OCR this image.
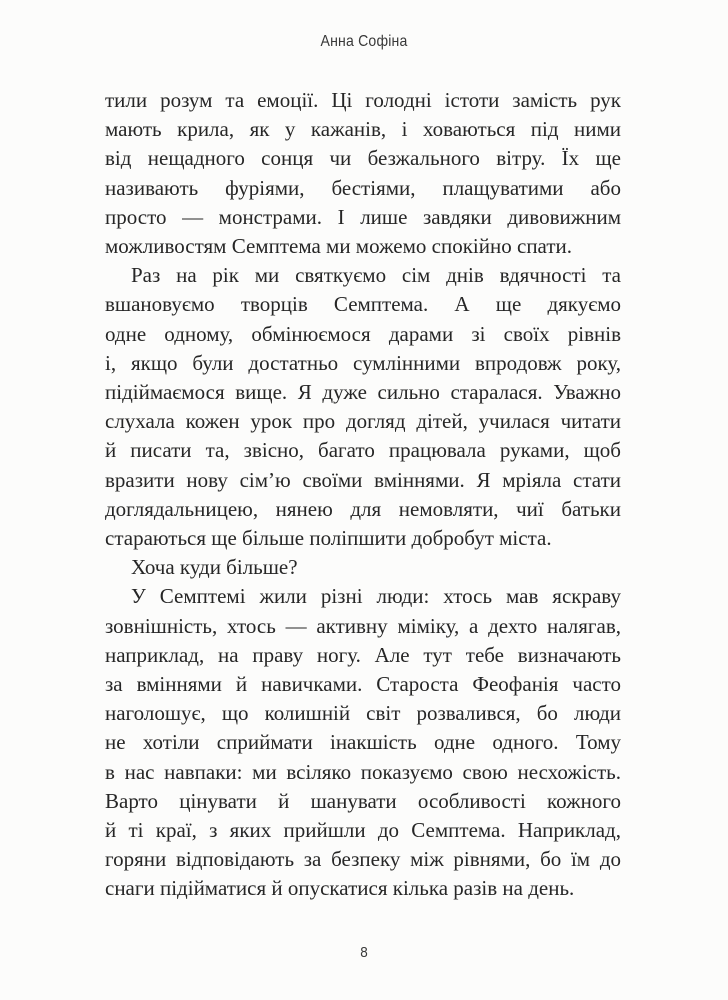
Анна Софіна
тили розум та емоції. Ці голодні істоти замість рук
мають крила, як у кажанів, і ховаються під ними
від нещадного сонця чи безжального вітру. Їх ще
називають фуріями, бестіями, плащуватими або
просто — монстрами. І лише завдяки дивовижним
можливостям Семптема ми можемо спокійно спати.
Раз на рік ми святкуємо сім днів вдячності та
вшановуємо творців Семптема. А ще дякуємо
одне одному, обмінюємося дарами зі своїх рівнів
і, якщо були достатньо сумлінними впродовж року,
підіймаємося вище. Я дуже сильно старалася. Уважно
слухала кожен урок про догляд дітей, училася читати
й писати та, звісно, багато працювала руками, щоб
вразити нову сім’ю своїми вміннями. Я мріяла стати
доглядальницею, нянею для немовляти, чиї батьки
стараються ще більше поліпшити добробут міста.
Хоча куди більше?
У Семптемі жили різні люди: хтось мав яскраву
зовнішність, хтось — активну міміку, а дехто налягав,
наприклад, на праву ногу. Але тут тебе визначають
за вміннями й навичками. Староста Феофанія часто
наголошує, що колишній світ розвалився, бо люди
не хотіли сприймати інакшість одне одного. Тому
в нас навпаки: ми всіляко показуємо свою несхожість.
Варто цінувати й шанувати особливості кожного
й ті краї, з яких прийшли до Семптема. Наприклад,
горяни відповідають за безпеку між рівнями, бо їм до
снаги підійматися й опускатися кілька разів на день.
8
